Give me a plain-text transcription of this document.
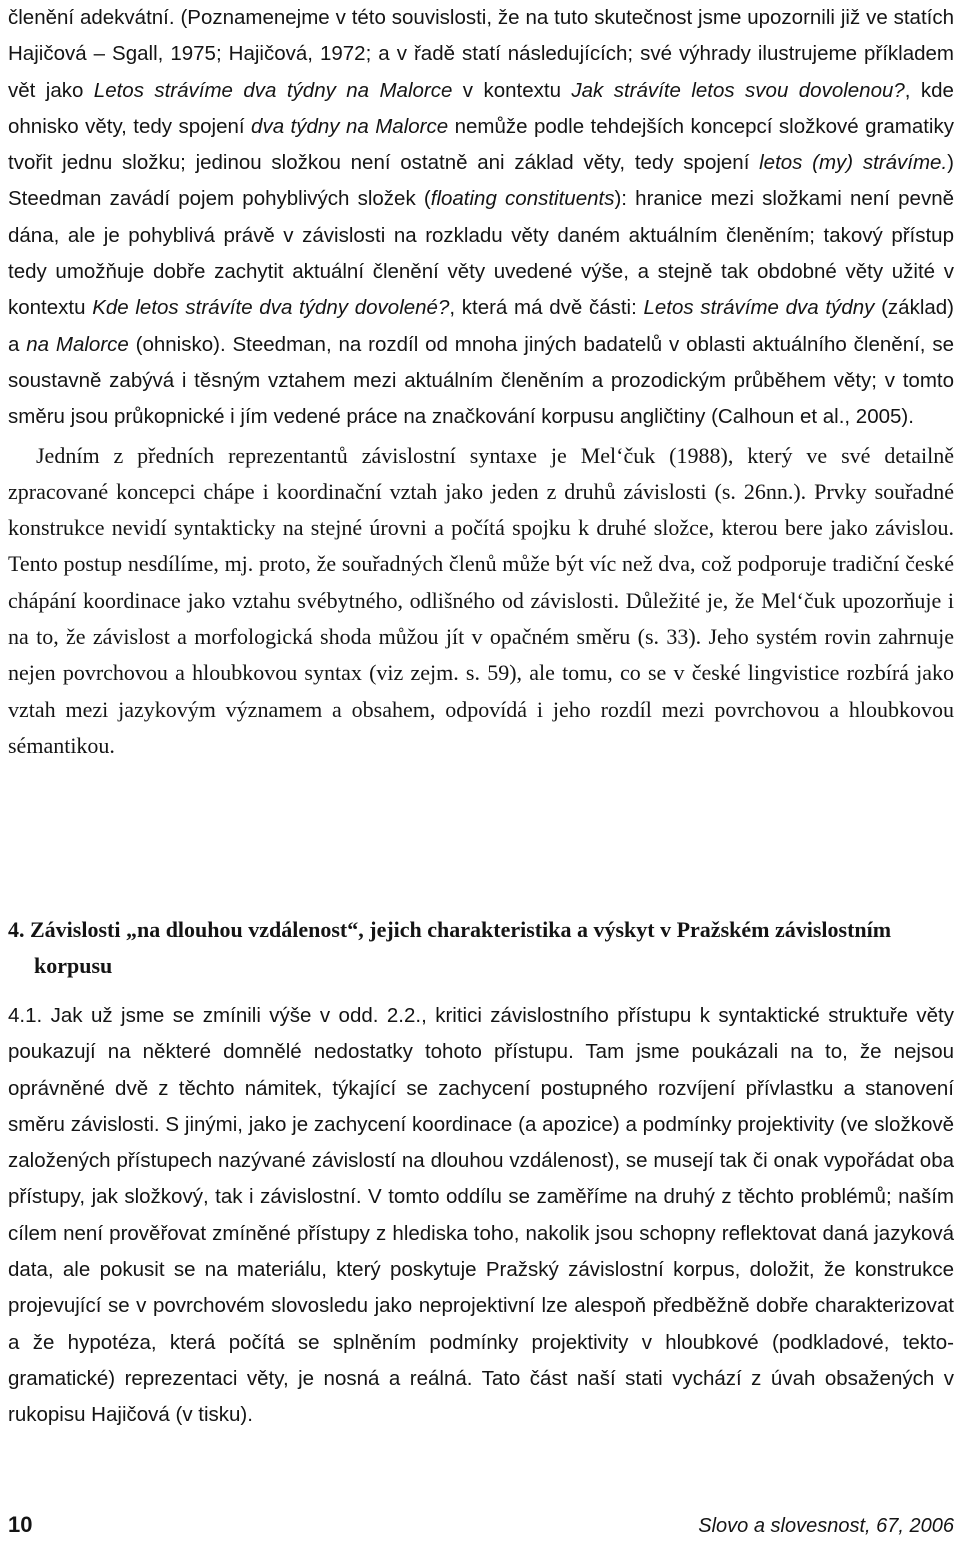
členění adekvátní. (Poznamenejme v této souvislosti, že na tuto skutečnost jsme upozornili již ve statích Hajičová – Sgall, 1975; Hajičová, 1972; a v řadě statí následujících; své výhrady ilustrujeme příkladem vět jako Letos strávíme dva týdny na Malorce v kontextu Jak strávíte letos svou dovolenou?, kde ohnisko věty, tedy spojení dva týdny na Malorce nemůže podle tehdejších koncepcí složkové gramatiky tvořit jednu složku; jedinou složkou není ostatně ani základ věty, tedy spojení letos (my) strávíme.) Steedman zavádí pojem pohyblivých složek (floating constituents): hranice mezi složkami není pevně dána, ale je pohyblivá právě v závislosti na rozkladu věty daném aktuálním členěním; takový přístup tedy umožňuje dobře zachytit aktuální členění věty uvedené výše, a stejně tak obdobné věty užité v kontextu Kde letos strávíte dva týdny dovolené?, která má dvě části: Letos strávíme dva týdny (základ) a na Malorce (ohnisko). Steedman, na rozdíl od mnoha jiných badatelů v oblasti aktuálního členění, se soustavně zabývá i těsným vztahem mezi aktuálním členěním a prozodickým průběhem věty; v tomto směru jsou průkopnické i jím vedené práce na značkování korpusu angličtiny (Calhoun et al., 2005).

Jedním z předních reprezentantů závislostní syntaxe je Mel‘čuk (1988), který ve své detailně zpracované koncepci chápe i koordinační vztah jako jeden z druhů závislosti (s. 26nn.). Prvky souřadné konstrukce nevidí syntakticky na stejné úrovni a počítá spojku k druhé složce, kterou bere jako závislou. Tento postup nesdílíme, mj. proto, že souřadných členů může být víc než dva, což podporuje tradiční české chápání koordinace jako vztahu svébytného, odlišného od závislosti. Důležité je, že Mel‘čuk upozorňuje i na to, že závislost a morfologická shoda můžou jít v opačném směru (s. 33). Jeho systém rovin zahrnuje nejen povrchovou a hloubkovou syntax (viz zejm. s. 59), ale tomu, co se v české lingvistice rozbírá jako vztah mezi jazykovým významem a obsahem, odpovídá i jeho rozdíl mezi povrchovou a hloubkovou sémantikou.

4. Závislosti „na dlouhou vzdálenost“, jejich charakteristika a výskyt v Pražském závislostním korpusu

4.1. Jak už jsme se zmínili výše v odd. 2.2., kritici závislostního přístupu k syntaktické struktuře věty poukazují na některé domnělé nedostatky tohoto přístupu. Tam jsme poukázali na to, že nejsou oprávněné dvě z těchto námitek, týkající se zachycení postupného rozvíjení přívlastku a stanovení směru závislosti. S jinými, jako je zachycení koordinace (a apozice) a podmínky projektivity (ve složkově založených přístupech nazývané závislostí na dlouhou vzdálenost), se musejí tak či onak vypořádat oba přístupy, jak složkový, tak i závislostní. V tomto oddílu se zaměříme na druhý z těchto problémů; naším cílem není prověřovat zmíněné přístupy z hlediska toho, nakolik jsou schopny reflektovat daná jazyková data, ale pokusit se na materiálu, který poskytuje Pražský závislostní korpus, doložit, že konstrukce projevující se v povrchovém slovosledu jako neprojektivní lze alespoň předběžně dobře charakterizovat a že hypotéza, která počítá se splněním podmínky projektivity v hloubkové (podkladové, tektogramatické) reprezentaci věty, je nosná a reálná. Tato část naší stati vychází z úvah obsažených v rukopisu Hajičová (v tisku).

10	Slovo a slovesnost, 67, 2006
